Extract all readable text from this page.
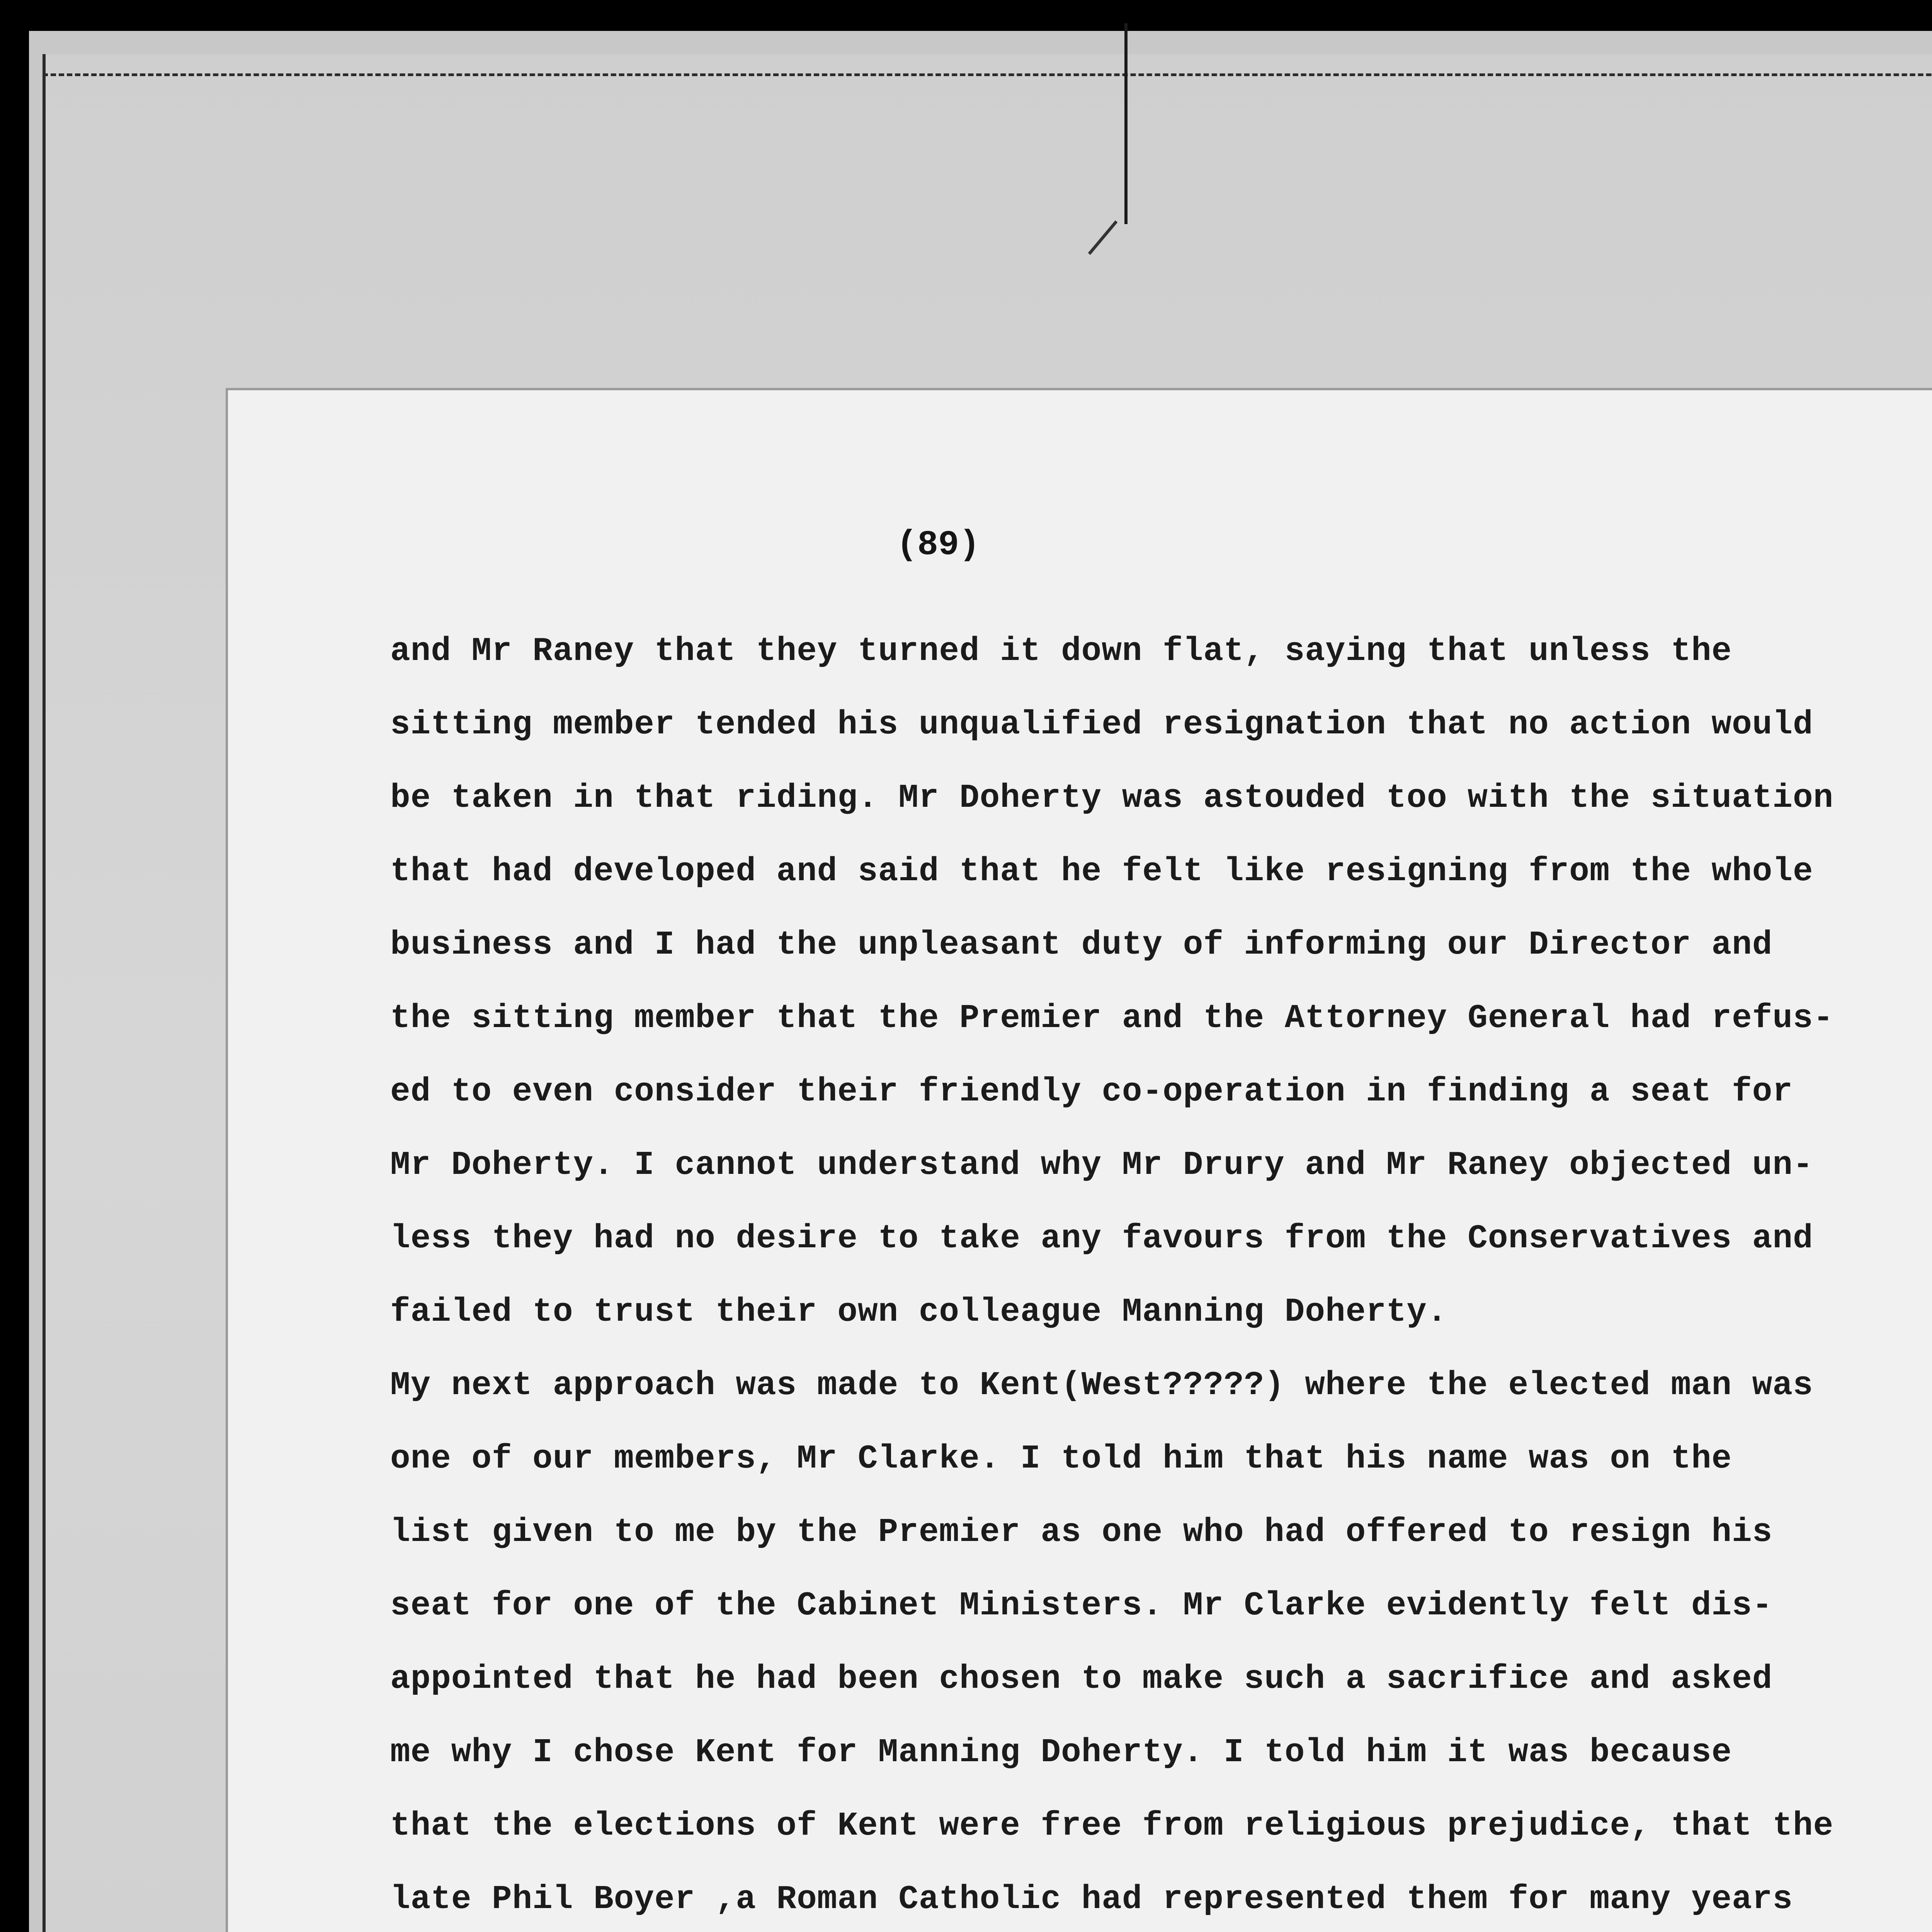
(89)
and Mr Raney that they turned it down flat, saying that unless the
sitting member tended his unqualified resignation that no action would
be taken in that riding. Mr Doherty was astouded too with the situation
that had developed and said that he felt like resigning from the whole
business and I had the unpleasant duty of informing our Director and
the sitting member that the Premier and the Attorney General had refus-
ed to even consider their friendly co-operation in finding a seat for
Mr Doherty. I cannot understand why Mr Drury and Mr Raney objected un-
less they had no desire to take any favours from the Conservatives and
failed to trust their own colleague Manning Doherty.
My next approach was made to Kent(West?????) where the elected man was
one of our members, Mr Clarke. I told him that his name was on the
list given to me by the Premier as one who had offered to resign his
seat for one of the Cabinet Ministers. Mr Clarke evidently felt dis-
appointed that he had been chosen to make such a sacrifice and asked
me why I chose Kent for Manning Doherty. I told him it was because
that the elections of Kent were free from religious prejudice, that the
late Phil Boyer ,a Roman Catholic had represented them for many years
